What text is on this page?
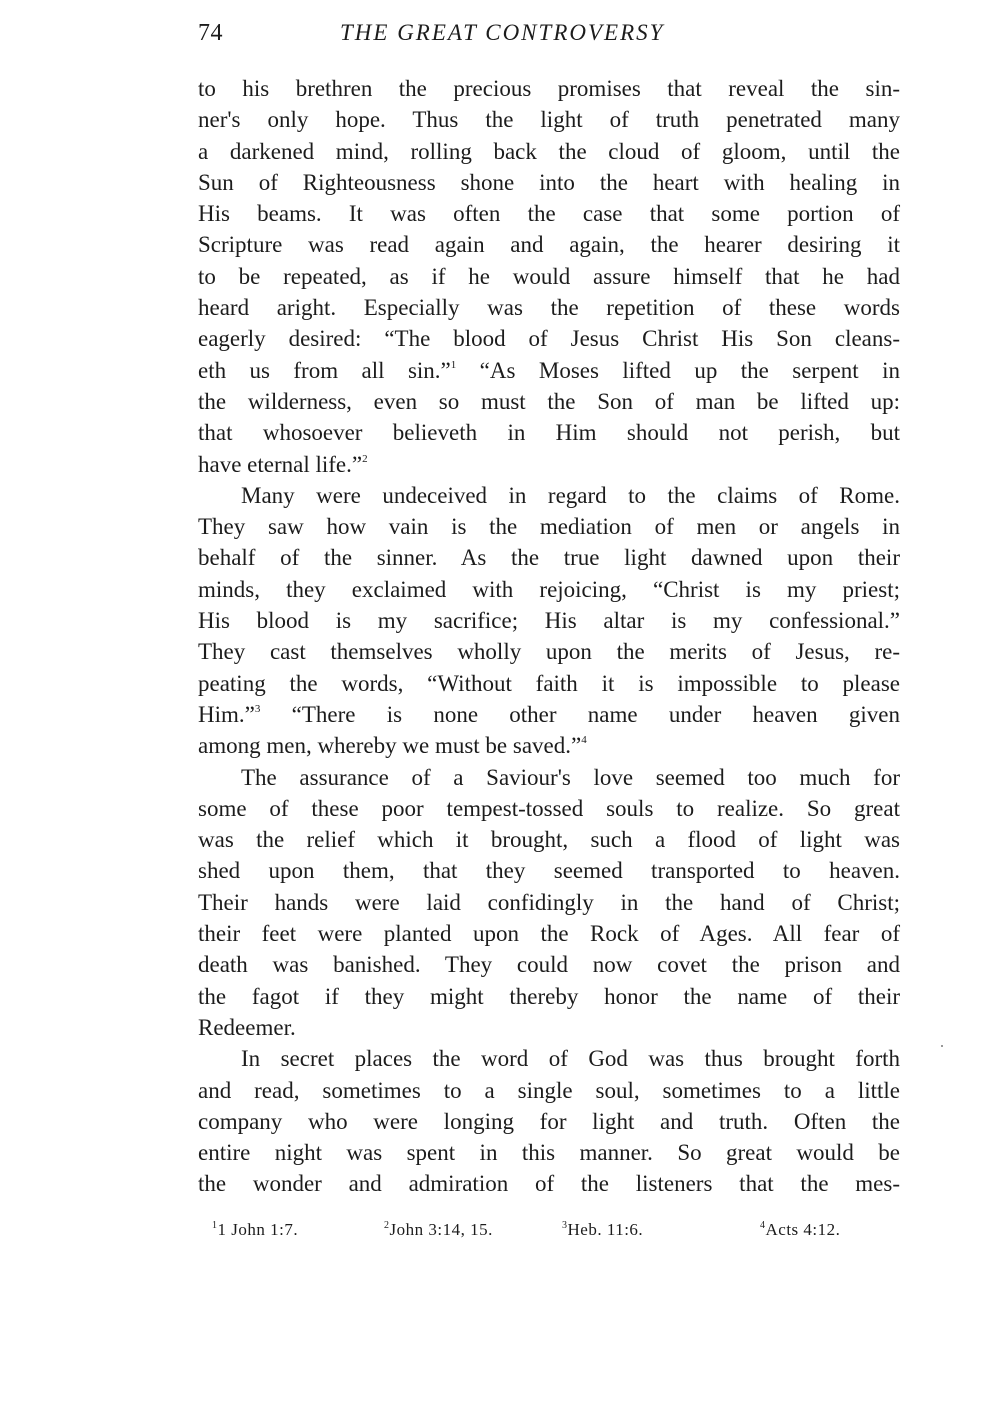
74	THE GREAT CONTROVERSY
to his brethren the precious promises that reveal the sin-
ner's only hope. Thus the light of truth penetrated many
a darkened mind, rolling back the cloud of gloom, until the
Sun of Righteousness shone into the heart with healing in
His beams. It was often the case that some portion of
Scripture was read again and again, the hearer desiring it
to be repeated, as if he would assure himself that he had
heard aright. Especially was the repetition of these words
eagerly desired: “The blood of Jesus Christ His Son cleans-
eth us from all sin.”$^1$ “As Moses lifted up the serpent in
the wilderness, even so must the Son of man be lifted up:
that whosoever believeth in Him should not perish, but
have eternal life.”$^2$
Many were undeceived in regard to the claims of Rome.
They saw how vain is the mediation of men or angels in
behalf of the sinner. As the true light dawned upon their
minds, they exclaimed with rejoicing, “Christ is my priest;
His blood is my sacrifice; His altar is my confessional.”
They cast themselves wholly upon the merits of Jesus, re-
peating the words, “Without faith it is impossible to please
Him.”$^3$ “There is none other name under heaven given
among men, whereby we must be saved.”$^4$
The assurance of a Saviour's love seemed too much for
some of these poor tempest-tossed souls to realize. So great
was the relief which it brought, such a flood of light was
shed upon them, that they seemed transported to heaven.
Their hands were laid confidingly in the hand of Christ;
their feet were planted upon the Rock of Ages. All fear of
death was banished. They could now covet the prison and
the fagot if they might thereby honor the name of their
Redeemer.
In secret places the word of God was thus brought forth
and read, sometimes to a single soul, sometimes to a little
company who were longing for light and truth. Often the
entire night was spent in this manner. So great would be
the wonder and admiration of the listeners that the mes-
$^1$1 John 1:7.	$^2$John 3:14, 15.	$^3$Heb. 11:6.	$^4$Acts 4:12.
